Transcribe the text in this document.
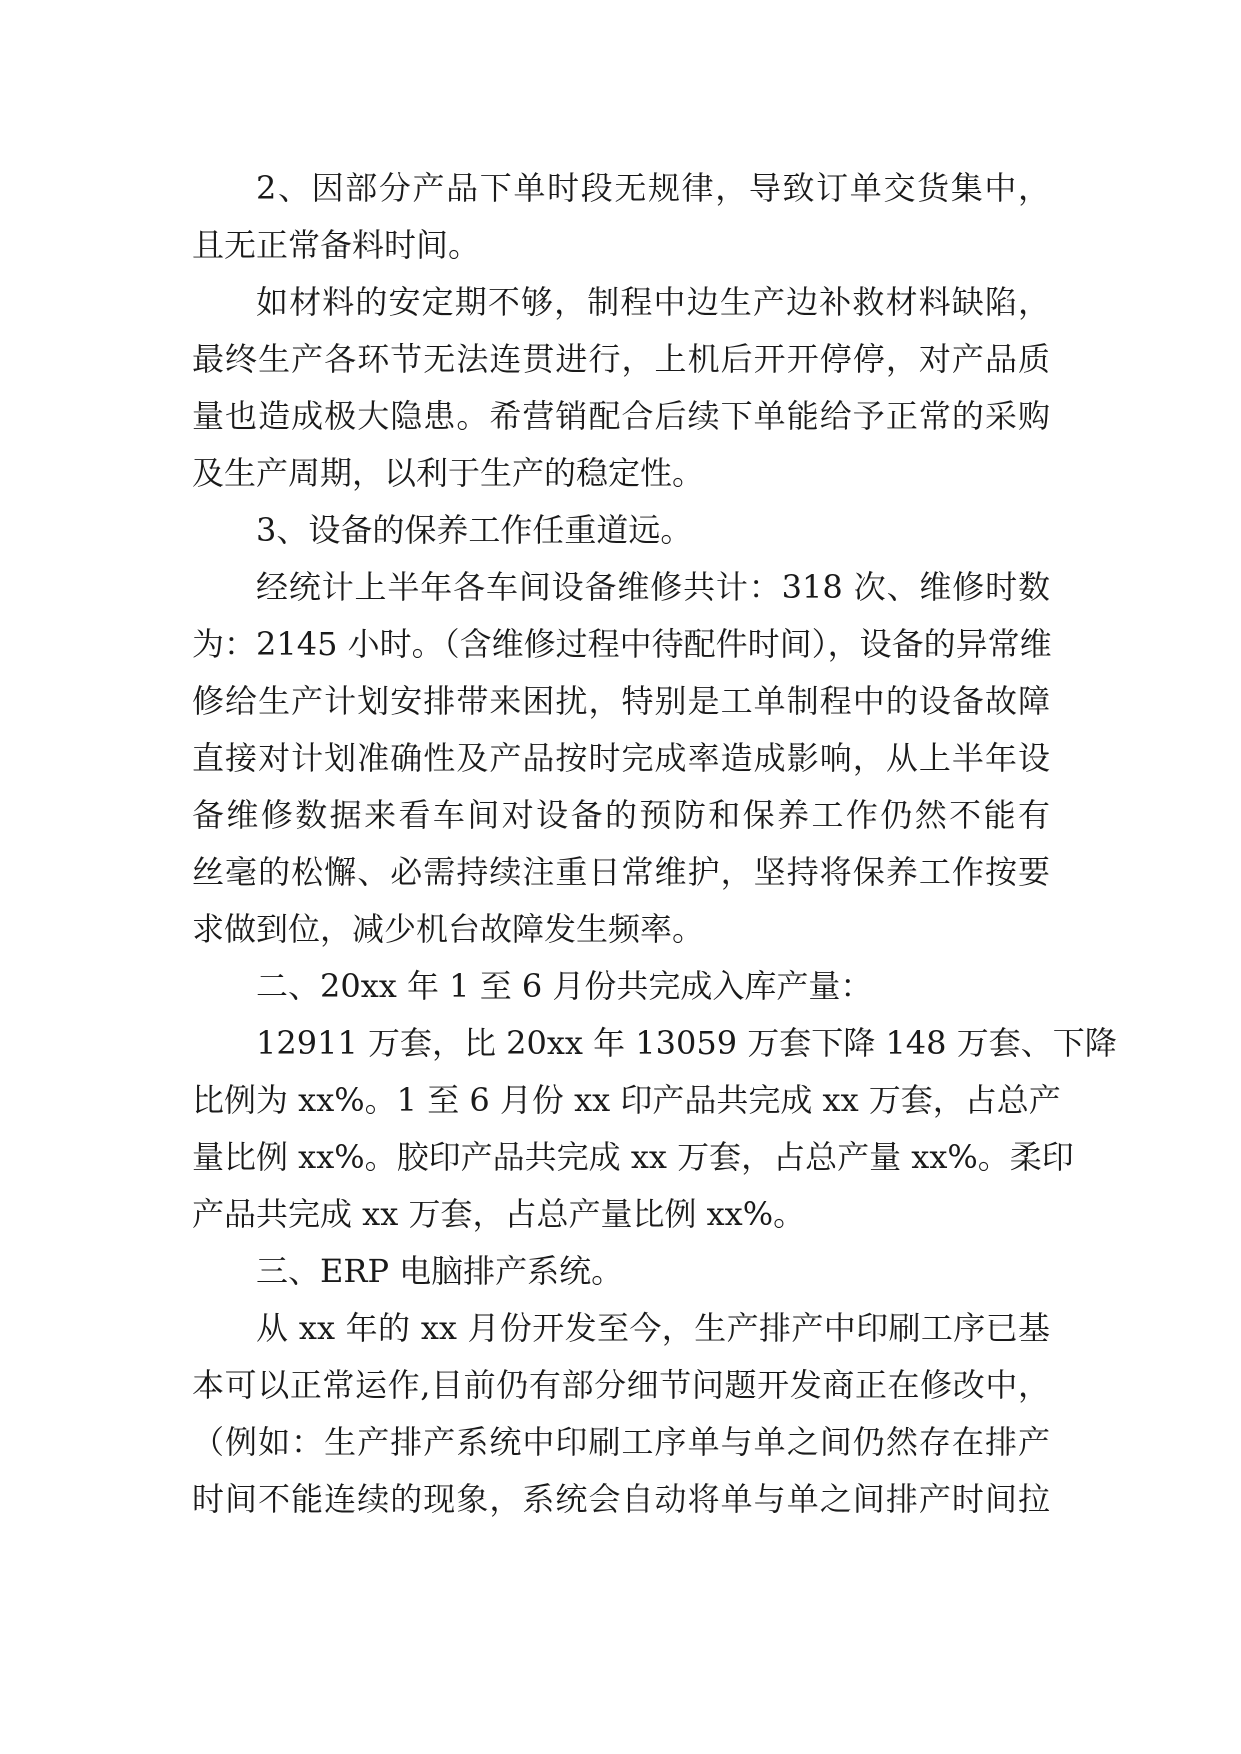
2、因部分产品下单时段无规律，导致订单交货集中，
且无正常备料时间。
如材料的安定期不够，制程中边生产边补救材料缺陷，
最终生产各环节无法连贯进行，上机后开开停停，对产品质
量也造成极大隐患。希营销配合后续下单能给予正常的采购
及生产周期，以利于生产的稳定性。
3、设备的保养工作任重道远。
经统计上半年各车间设备维修共计：318 次、维修时数
为：2145 小时。（含维修过程中待配件时间），设备的异常维
修给生产计划安排带来困扰，特别是工单制程中的设备故障
直接对计划准确性及产品按时完成率造成影响，从上半年设
备维修数据来看车间对设备的预防和保养工作仍然不能有
丝毫的松懈、必需持续注重日常维护，坚持将保养工作按要
求做到位，减少机台故障发生频率。
二、20xx 年 1 至 6 月份共完成入库产量：
12911 万套，比 20xx 年 13059 万套下降 148 万套、下降
比例为 xx%。1 至 6 月份 xx 印产品共完成 xx 万套，占总产
量比例 xx%。胶印产品共完成 xx 万套，占总产量 xx%。柔印
产品共完成 xx 万套，占总产量比例 xx%。
三、ERP 电脑排产系统。
从 xx 年的 xx 月份开发至今，生产排产中印刷工序已基
本可以正常运作,目前仍有部分细节问题开发商正在修改中，
（例如：生产排产系统中印刷工序单与单之间仍然存在排产
时间不能连续的现象，系统会自动将单与单之间排产时间拉
